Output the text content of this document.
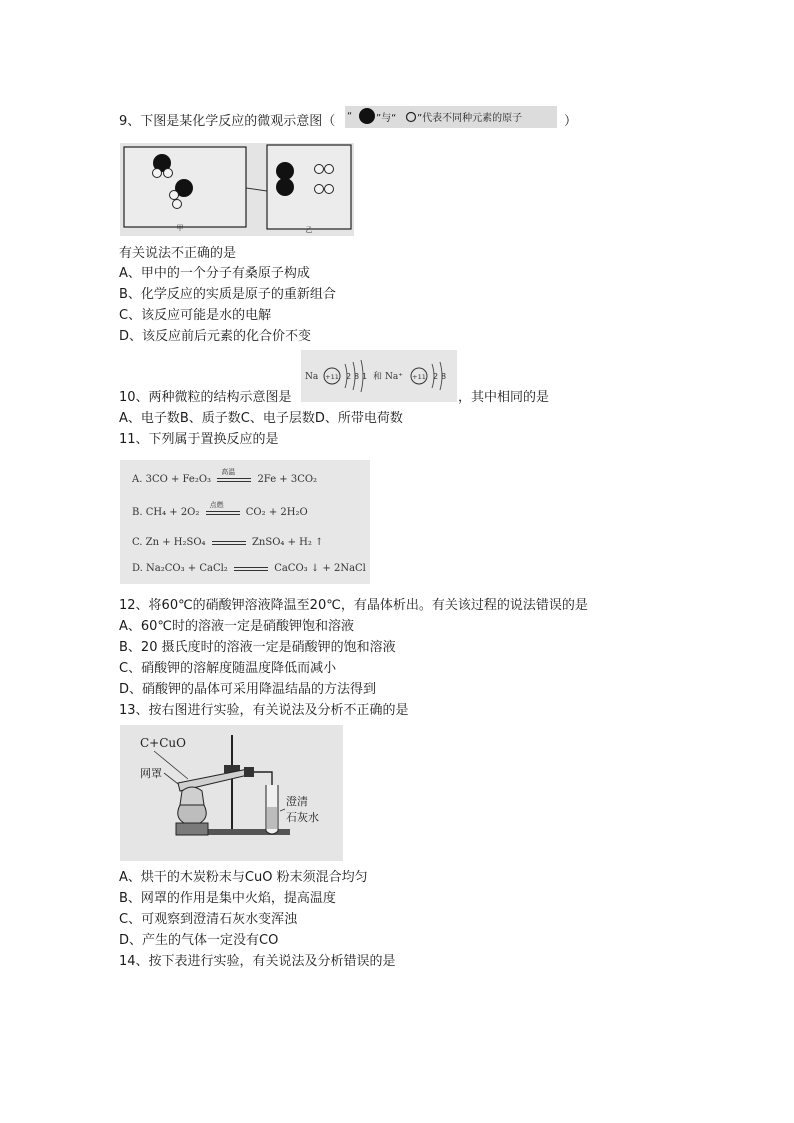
9、下图是某化学反应的微观示意图（ “ ”与“ ”代表不同种元素的原子	）
甲	乙
有关说法不正确的是
A、甲中的一个分子有桑原子构成
B、化学反应的实质是原子的重新组合
C、该反应可能是水的电解
D、该反应前后元素的化合价不变
10、两种微粒的结构示意图是
Na +11 2 8 1 和 Na⁺ +11 2 8
，其中相同的是
A、电子数B、质子数C、电子层数D、所带电荷数
11、下列属于置换反应的是
A. 3CO + Fe₂O₃
高温
2Fe + 3CO₂
B. CH₄ + 2O₂
点燃
CO₂ + 2H₂O
C. Zn + H₂SO₄	ZnSO₄ + H₂ ↑
D. Na₂CO₃ + CaCl₂	CaCO₃ ↓ + 2NaCl
12、将60℃的硝酸钾溶液降温至20℃，有晶体析出。有关该过程的说法错误的是
A、60℃时的溶液一定是硝酸钾饱和溶液
B、20 摄氏度时的溶液一定是硝酸钾的饱和溶液
C、硝酸钾的溶解度随温度降低而减小
D、硝酸钾的晶体可采用降温结晶的方法得到
13、按右图进行实验，有关说法及分析不正确的是
C+CuO
网罩
澄清
石灰水
A、烘干的木炭粉末与CuO 粉末须混合均匀
B、网罩的作用是集中火焰，提高温度
C、可观察到澄清石灰水变浑浊
D、产生的气体一定没有CO
14、按下表进行实验，有关说法及分析错误的是
